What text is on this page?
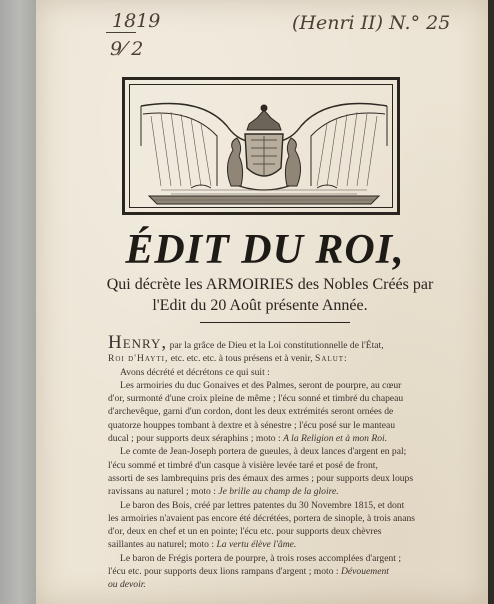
1819
9⁄ 2
(Henri II) N.° 25
ÉDIT DU ROI,
Qui décrète les ARMOIRIES des Nobles Créés par
l'Edit du 20 Août présente Année.

Henry, par la grâce de Dieu et la Loi constitutionnelle de l'État,

Roi d'Hayti, etc. etc. etc. à tous présens et à venir, Salut:

Avons décrété et décrétons ce qui suit :

Les armoiries du duc Gonaives et des Palmes, seront de pourpre, au cœur

d'or, surmonté d'une croix pleine de même ; l'écu sonné et timbré du chapeau

d'archevêque, garni d'un cordon, dont les deux extrémités seront ornées de

quatorze houppes tombant à dextre et à sénestre ; l'écu posé sur le manteau

ducal ; pour supports deux séraphins ; moto : A la Religion et à mon Roi.

Le comte de Jean-Joseph portera de gueules, à deux lances d'argent en pal;

l'écu sommé et timbré d'un casque à visière levée taré et posé de front,

assorti de ses lambrequins pris des émaux des armes ; pour supports deux loups

ravissans au naturel ; moto : Je brille au champ de la gloire.

Le baron des Bois, créé par lettres patentes du 30 Novembre 1815, et dont

les armoiries n'avaient pas encore été décrétées, portera de sinople, à trois anans

d'or, deux en chef et un en pointe; l'écu etc. pour supports deux chèvres

saillantes au naturel; moto : La vertu élève l'âme.

Le baron de Frégis portera de pourpre, à trois roses accomplées d'argent ;

l'écu etc. pour supports deux lions rampans d'argent ; moto : Dévouement

ou devoir.
